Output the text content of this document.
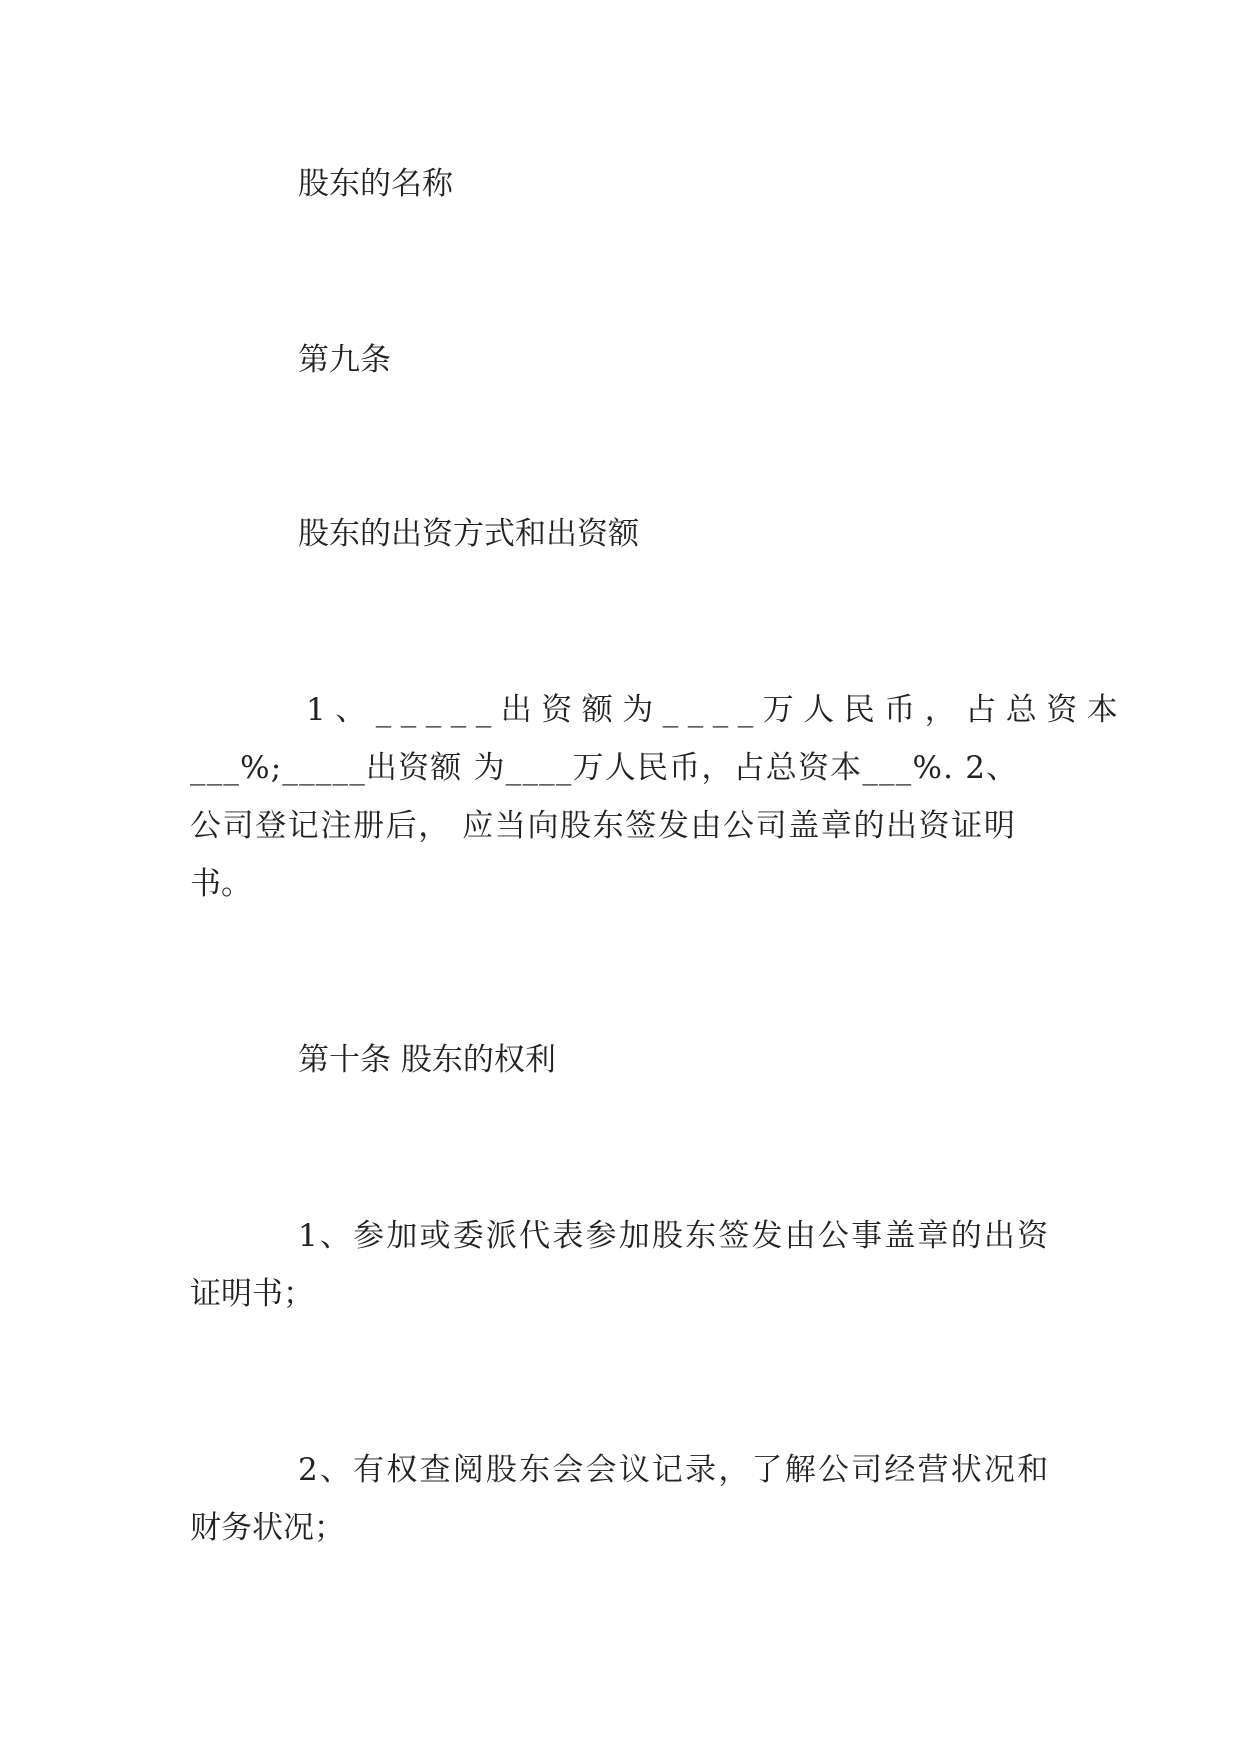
股东的名称
第九条
股东的出资方式和出资额
1、_____出资额为____万人民币，占总资本
___%;_____出资额 为____万人民币，占总资本___%. 2、
公司登记注册后， 应当向股东签发由公司盖章的出资证明
书。
第十条 股东的权利
1、参加或委派代表参加股东签发由公事盖章的出资
证明书；
2、有权查阅股东会会议记录，了解公司经营状况和
财务状况；
